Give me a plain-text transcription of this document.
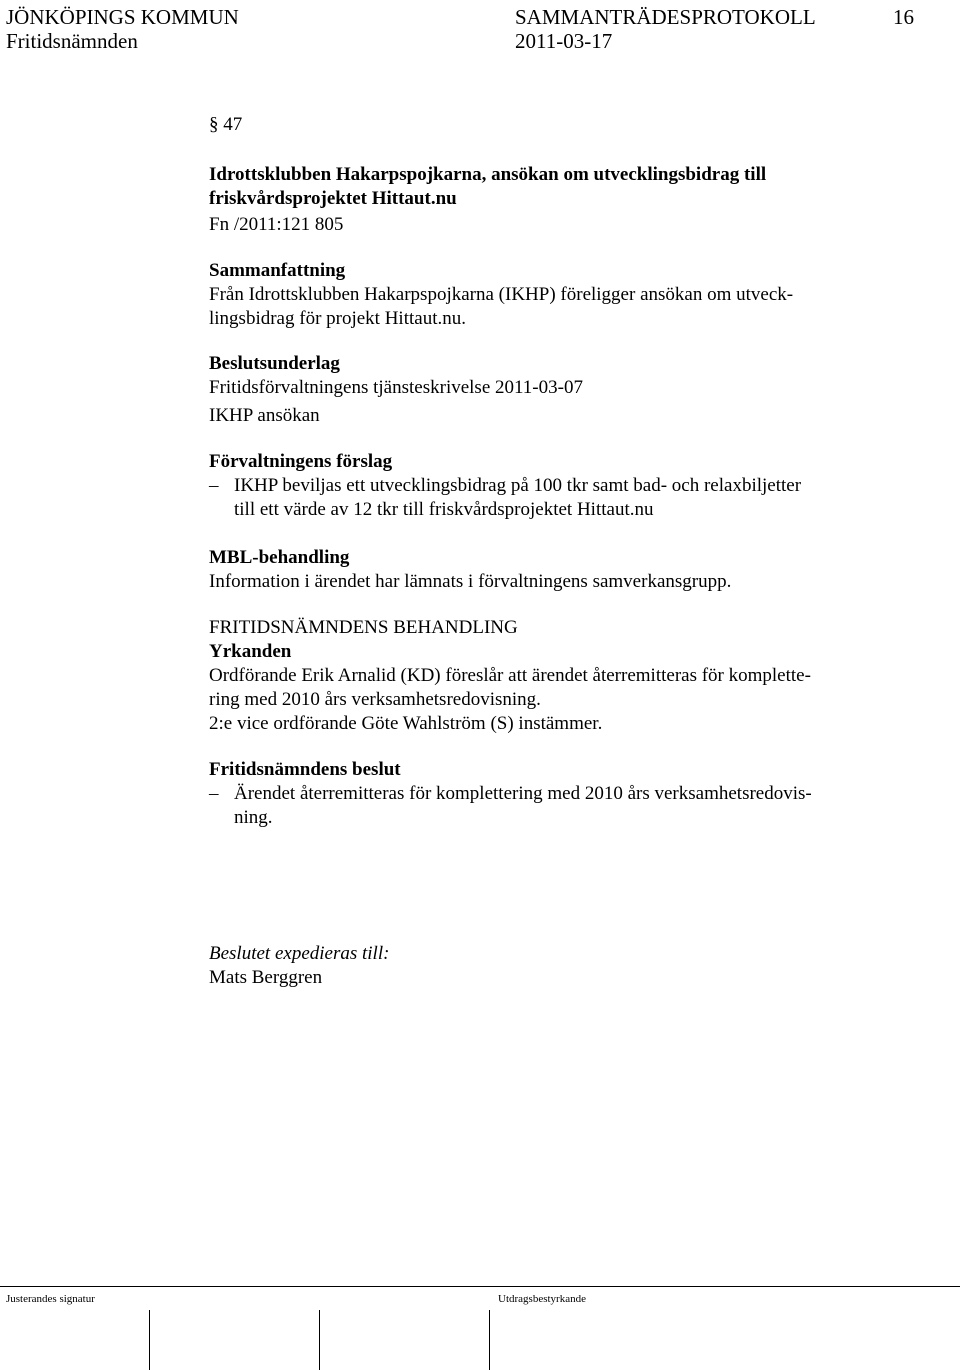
JÖNKÖPINGS KOMMUN	SAMMANTRÄDESPROTOKOLL	16
Fritidsnämnden	2011-03-17
§ 47
Idrottsklubben Hakarpspojkarna, ansökan om utvecklingsbidrag till
friskvårdsprojektet Hittaut.nu
Fn /2011:121 805
Sammanfattning
Från Idrottsklubben Hakarpspojkarna (IKHP) föreligger ansökan om utveck-
lingsbidrag för projekt Hittaut.nu.
Beslutsunderlag
Fritidsförvaltningens tjänsteskrivelse 2011-03-07
IKHP ansökan
Förvaltningens förslag
– IKHP beviljas ett utvecklingsbidrag på 100 tkr samt bad- och relaxbiljetter
till ett värde av 12 tkr till friskvårdsprojektet Hittaut.nu
MBL-behandling
Information i ärendet har lämnats i förvaltningens samverkansgrupp.
FRITIDSNÄMNDENS BEHANDLING
Yrkanden
Ordförande Erik Arnalid (KD) föreslår att ärendet återremitteras för komplette-
ring med 2010 års verksamhetsredovisning.
2:e vice ordförande Göte Wahlström (S) instämmer.
Fritidsnämndens beslut
– Ärendet återremitteras för komplettering med 2010 års verksamhetsredovis-
ning.
Beslutet expedieras till:
Mats Berggren
Justerandes signatur	Utdragsbestyrkande
